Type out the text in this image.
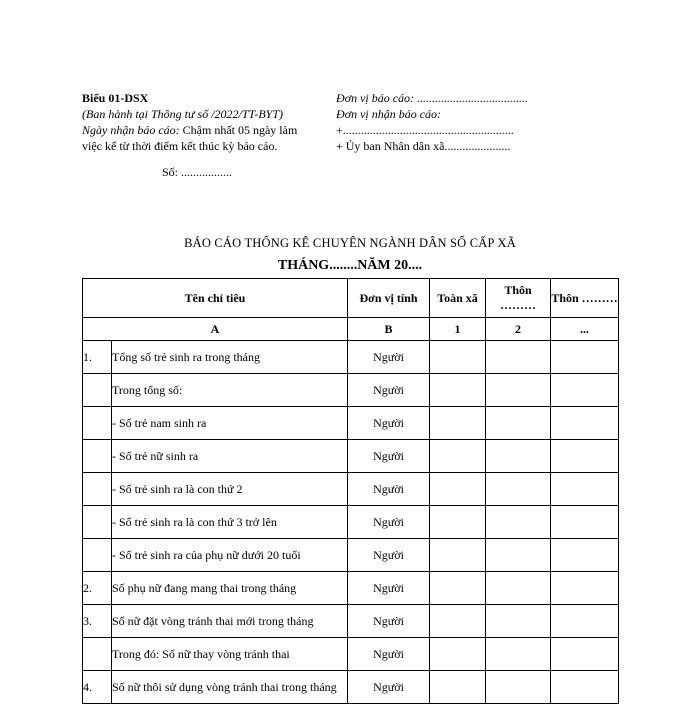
Biểu 01-DSX
(Ban hành tại Thông tư số /2022/TT-BYT)
Ngày nhận báo cáo: Chậm nhất 05 ngày làm việc kể từ thời điểm kết thúc kỳ báo cáo.
Số: .................
Đơn vị báo cáo: .....................................
Đơn vị nhận báo cáo:
+.........................................................
+ Ủy ban Nhân dân xã......................
BÁO CÁO THỐNG KÊ CHUYÊN NGÀNH DÂN SỐ CẤP XÃ
THÁNG........NĂM 20....
Tên chỉ tiêu		Đơn vị tính	Toàn xã	Thôn ………	Thôn ………
A		B	1	2	...
1.	Tổng số trẻ sinh ra trong tháng	Người			
	Trong tổng số:	Người			
	- Số trẻ nam sinh ra	Người			
	- Số trẻ nữ sinh ra	Người			
	- Số trẻ sinh ra là con thứ 2	Người			
	- Số trẻ sinh ra là con thứ 3 trở lên	Người			
	- Số trẻ sinh ra của phụ nữ dưới 20 tuổi	Người			
2.	Số phụ nữ đang mang thai trong tháng	Người			
3.	Số nữ đặt vòng tránh thai mới trong tháng	Người			
	Trong đó: Số nữ thay vòng tránh thai	Người			
4.	Số nữ thôi sử dụng vòng tránh thai trong tháng	Người			
